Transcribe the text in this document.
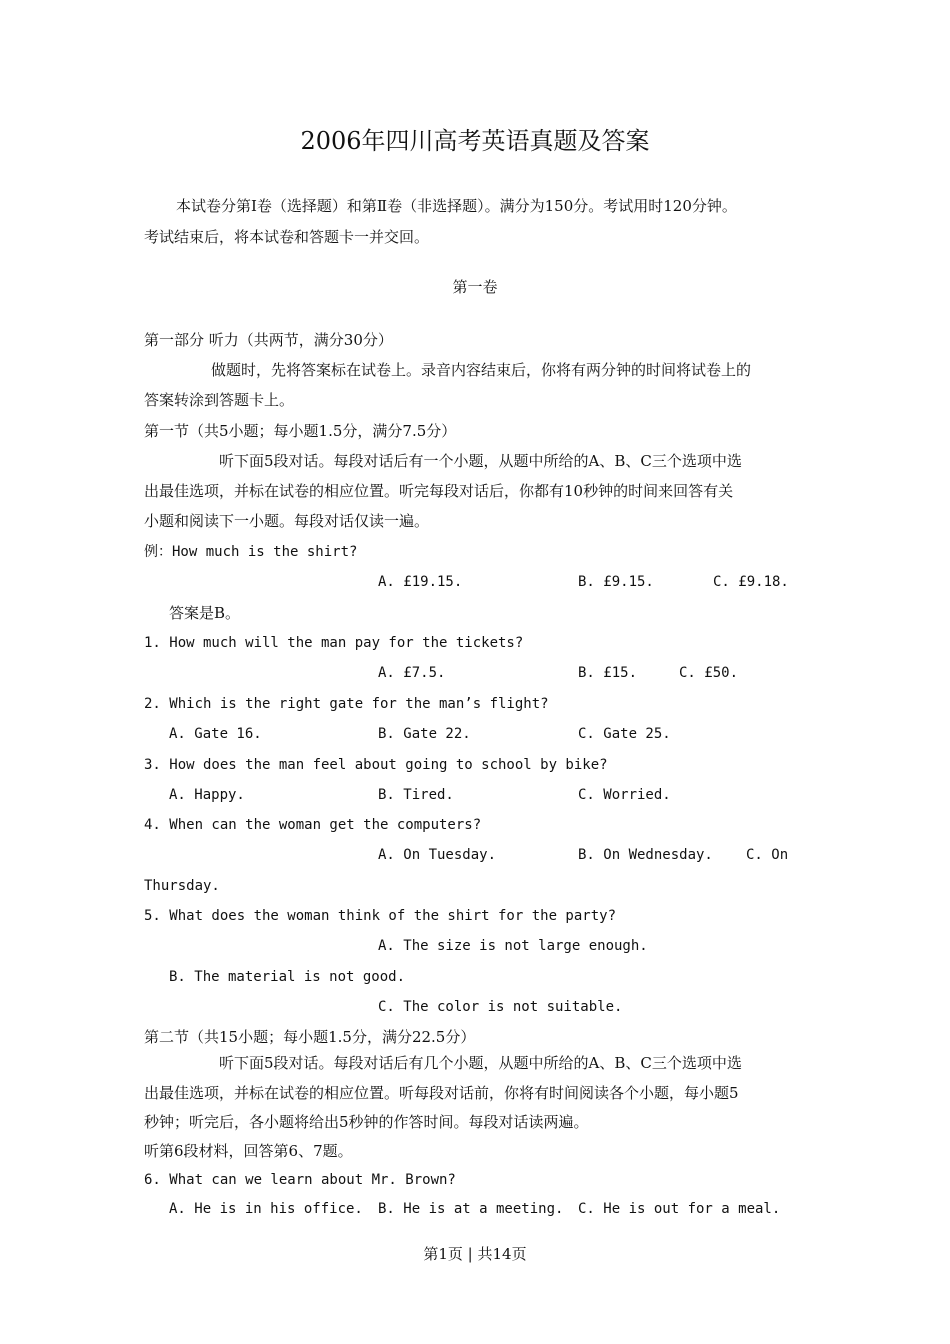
2006年四川高考英语真题及答案
本试卷分第Ⅰ卷（选择题）和第Ⅱ卷（非选择题）。满分为150分。考试用时120分钟。
考试结束后，将本试卷和答题卡一并交回。
第一卷
第一部分 听力（共两节，满分30分）
做题时，先将答案标在试卷上。录音内容结束后，你将有两分钟的时间将试卷上的
答案转涂到答题卡上。
第一节（共5小题；每小题1.5分，满分7.5分）
听下面5段对话。每段对话后有一个小题，从题中所给的A、B、C三个选项中选
出最佳选项，并标在试卷的相应位置。听完每段对话后，你都有10秒钟的时间来回答有关
小题和阅读下一小题。每段对话仅读一遍。
例：How much is the shirt?
A. £19.15.	B. £9.15.	C. £9.18.
答案是B。
1. How much will the man pay for the tickets?
A. £7.5.	B. £15.	C. £50.
2. Which is the right gate for the man’s flight?
A. Gate 16.	B. Gate 22.	C. Gate 25.
3. How does the man feel about going to school by bike?
A. Happy.	B. Tired.	C. Worried.
4. When can the woman get the computers?
A. On Tuesday.	B. On Wednesday. C. On
Thursday.
5. What does the woman think of the shirt for the party?
A. The size is not large enough.
B. The material is not good.
C. The color is not suitable.
第二节（共15小题；每小题1.5分，满分22.5分）
听下面5段对话。每段对话后有几个小题，从题中所给的A、B、C三个选项中选
出最佳选项，并标在试卷的相应位置。听每段对话前，你将有时间阅读各个小题，每小题5
秒钟；听完后，各小题将给出5秒钟的作答时间。每段对话读两遍。
听第6段材料，回答第6、7题。
6. What can we learn about Mr. Brown?
A. He is in his office. B. He is at a meeting. C. He is out for a meal.
第1页 | 共14页
